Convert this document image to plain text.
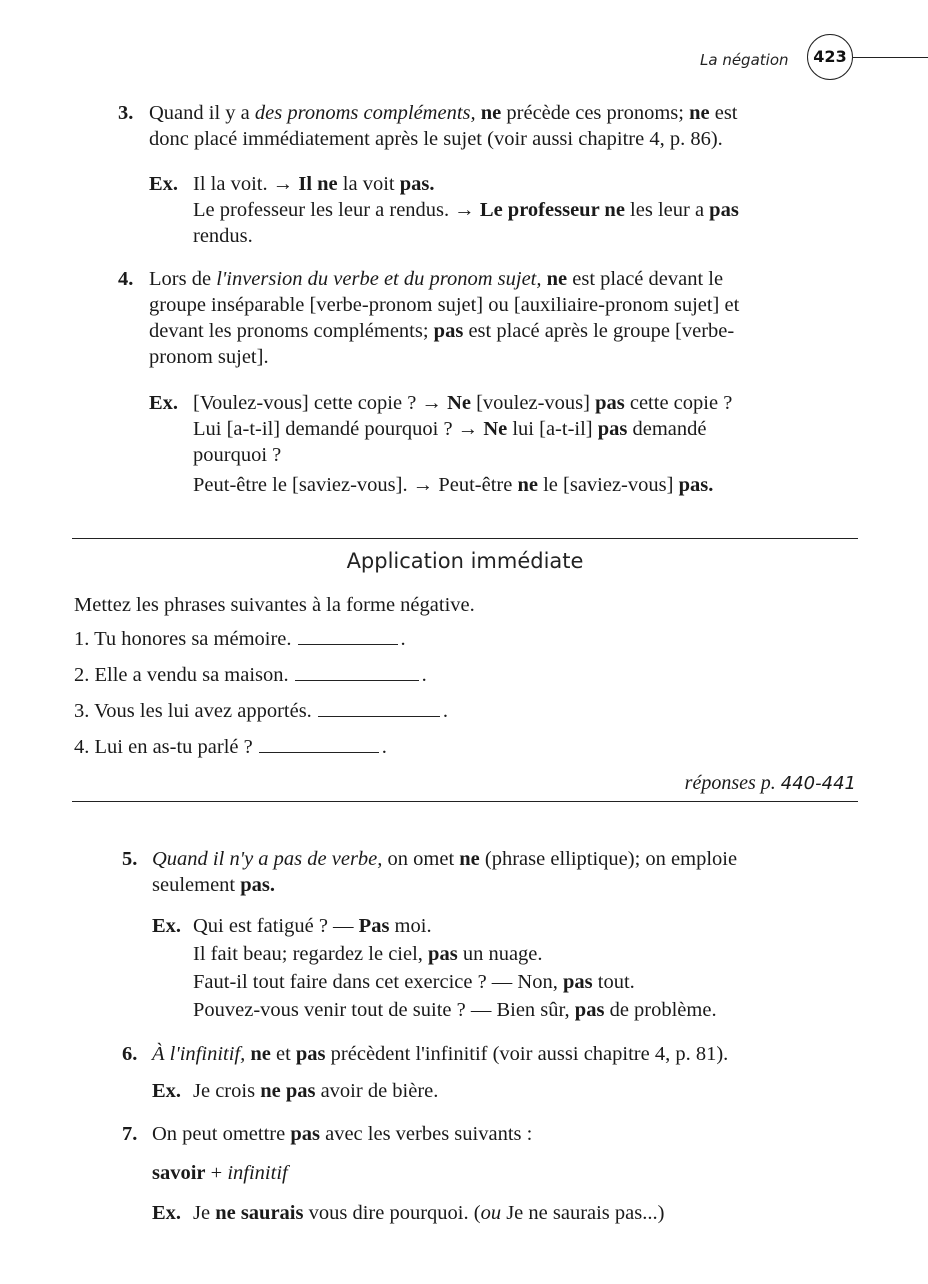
La négation	423
3. Quand il y a des pronoms compléments, ne précède ces pronoms; ne est
donc placé immédiatement après le sujet (voir aussi chapitre 4, p. 86).
Ex. Il la voit. → Il ne la voit pas.
Le professeur les leur a rendus. → Le professeur ne les leur a pas
rendus.
4. Lors de l'inversion du verbe et du pronom sujet, ne est placé devant le
groupe inséparable [verbe-pronom sujet] ou [auxiliaire-pronom sujet] et
devant les pronoms compléments; pas est placé après le groupe [verbe-
pronom sujet].
Ex. [Voulez-vous] cette copie ? → Ne [voulez-vous] pas cette copie ?
Lui [a-t-il] demandé pourquoi ? → Ne lui [a-t-il] pas demandé
pourquoi ?
Peut-être le [saviez-vous]. → Peut-être ne le [saviez-vous] pas.
Application immédiate
Mettez les phrases suivantes à la forme négative.
1. Tu honores sa mémoire.	.
2. Elle a vendu sa maison.	.
3. Vous les lui avez apportés.	.
4. Lui en as-tu parlé ?	.
réponses p. 440-441
5. Quand il n'y a pas de verbe, on omet ne (phrase elliptique); on emploie
seulement pas.
Ex. Qui est fatigué ? — Pas moi.
Il fait beau; regardez le ciel, pas un nuage.
Faut-il tout faire dans cet exercice ? — Non, pas tout.
Pouvez-vous venir tout de suite ? — Bien sûr, pas de problème.
6. À l'infinitif, ne et pas précèdent l'infinitif (voir aussi chapitre 4, p. 81).
Ex. Je crois ne pas avoir de bière.
7. On peut omettre pas avec les verbes suivants :
savoir + infinitif
Ex. Je ne saurais vous dire pourquoi. (ou Je ne saurais pas...)
